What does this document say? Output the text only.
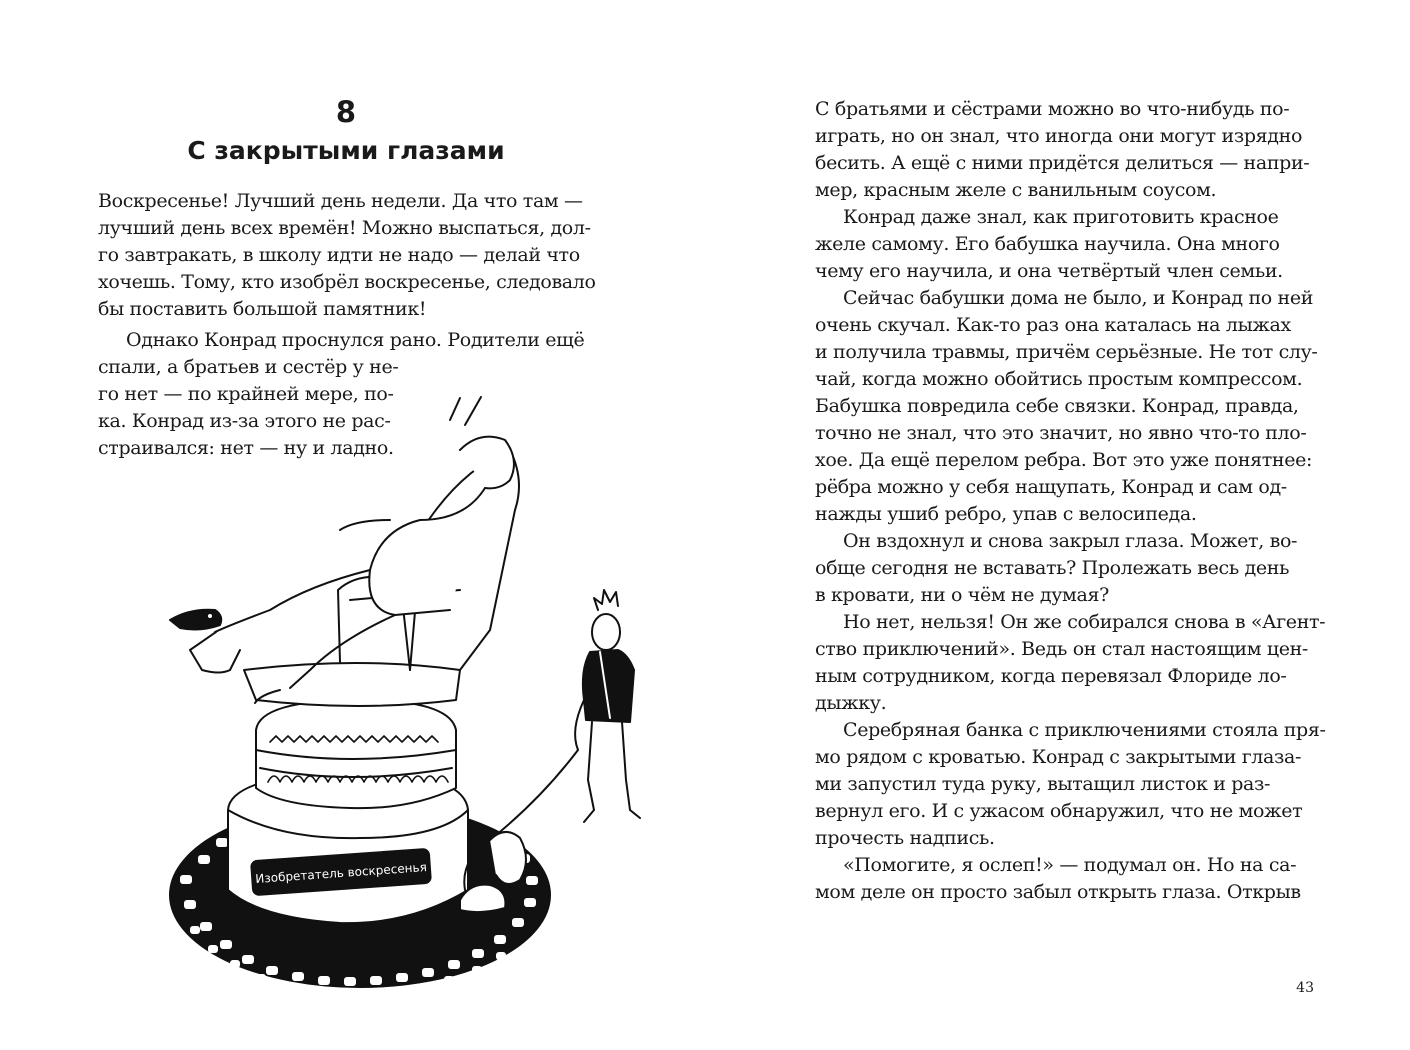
8
С закрытыми глазами
Воскресенье! Лучший день недели. Да что там —
лучший день всех времён! Можно выспаться, дол-
го завтракать, в школу идти не надо — делай что
хочешь. Тому, кто изобрёл воскресенье, следовало
бы поставить большой памятник!
Однако Конрад проснулся рано. Родители ещё
спали, а братьев и сестёр у не-
го нет — по крайней мере, по-
ка. Конрад из-за этого не рас-
страивался: нет — ну и ладно.
Изобретатель воскресенья
С братьями и сёстрами можно во что-нибудь по-
играть, но он знал, что иногда они могут изрядно
бесить. А ещё с ними придётся делиться — напри-
мер, красным желе с ванильным соусом.
Конрад даже знал, как приготовить красное
желе самому. Его бабушка научила. Она много
чему его научила, и она четвёртый член семьи.
Сейчас бабушки дома не было, и Конрад по ней
очень скучал. Как-то раз она каталась на лыжах
и получила травмы, причём серьёзные. Не тот слу-
чай, когда можно обойтись простым компрессом.
Бабушка повредила себе связки. Конрад, правда,
точно не знал, что это значит, но явно что-то пло-
хое. Да ещё перелом ребра. Вот это уже понятнее:
рёбра можно у себя нащупать, Конрад и сам од-
нажды ушиб ребро, упав с велосипеда.
Он вздохнул и снова закрыл глаза. Может, во-
обще сегодня не вставать? Пролежать весь день
в кровати, ни о чём не думая?
Но нет, нельзя! Он же собирался снова в «Агент-
ство приключений». Ведь он стал настоящим цен-
ным сотрудником, когда перевязал Флориде ло-
дыжку.
Серебряная банка с приключениями стояла пря-
мо рядом с кроватью. Конрад с закрытыми глаза-
ми запустил туда руку, вытащил листок и раз-
вернул его. И с ужасом обнаружил, что не может
прочесть надпись.
«Помогите, я ослеп!» — подумал он. Но на са-
мом деле он просто забыл открыть глаза. Открыв
43
